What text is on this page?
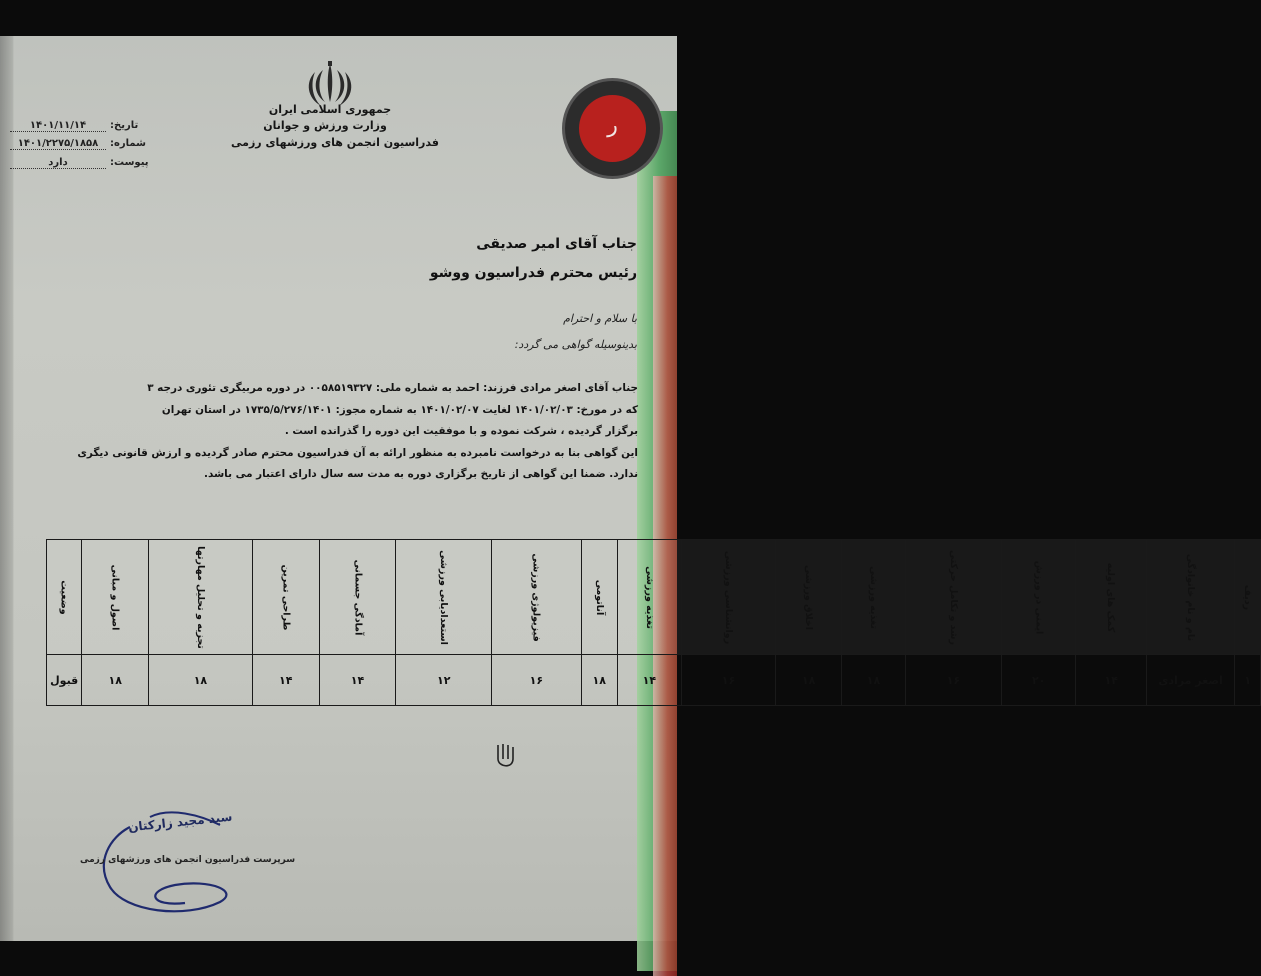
جمهوری اسلامی ایران
وزارت ورزش و جوانان
فدراسیون انجمن های ورزشهای رزمی
ﺭ
تاریخ:
۱۴۰۱/۱۱/۱۴
شماره:
۱۴۰۱/۲۲۷۵/۱۸۵۸
پیوست:
دارد
جناب آقای امیر صدیقی
رئیس محترم فدراسیون ووشو
با سلام و احترام
بدینوسیله گواهی می گردد:

جناب آقای اصغر مرادی فرزند: احمد به شماره ملی: ۰۰۵۸۵۱۹۳۲۷ در دوره مربیگری تئوری درجه ۳

که در مورخ: ۱۴۰۱/۰۲/۰۳ لغایت ۱۴۰۱/۰۲/۰۷ به شماره مجوز: ۱۷۳۵/۵/۲۷۶/۱۴۰۱ در استان تهران

برگزار گردیده ، شرکت نموده و با موفقیت این دوره را گذرانده است .

این گواهی بنا به درخواست نامبرده به منظور ارائه به آن فدراسیون محترم صادر گردیده و ارزش قانونی دیگری

ندارد. ضمنا این گواهی از تاریخ برگزاری دوره به مدت سه سال دارای اعتبار می باشد.

ردیف	نام و نام خانوادگی	کمک های اولیه	ایمنی در ورزش	رشد و تکامل حرکتی	تغذیه ورزشی	اخلاق ورزشی	روانشناسی ورزشی	تغذیه ورزشی	آناتومی	فیزیولوژی ورزشی	استعدادیابی ورزشی	آمادگی جسمانی	طراحی تمرین	تجزیه و تحلیل مهارتها	اصول و مبانی	وضعیت
۱	اصغر مرادی	۱۴	۲۰	۱۶	۱۸	۱۸	۱۶	۱۴	۱۸	۱۶	۱۲	۱۴	۱۴	۱۸	۱۸	قبول
سید مجید زارکتان
سرپرست فدراسیون انجمن های ورزشهای رزمی
